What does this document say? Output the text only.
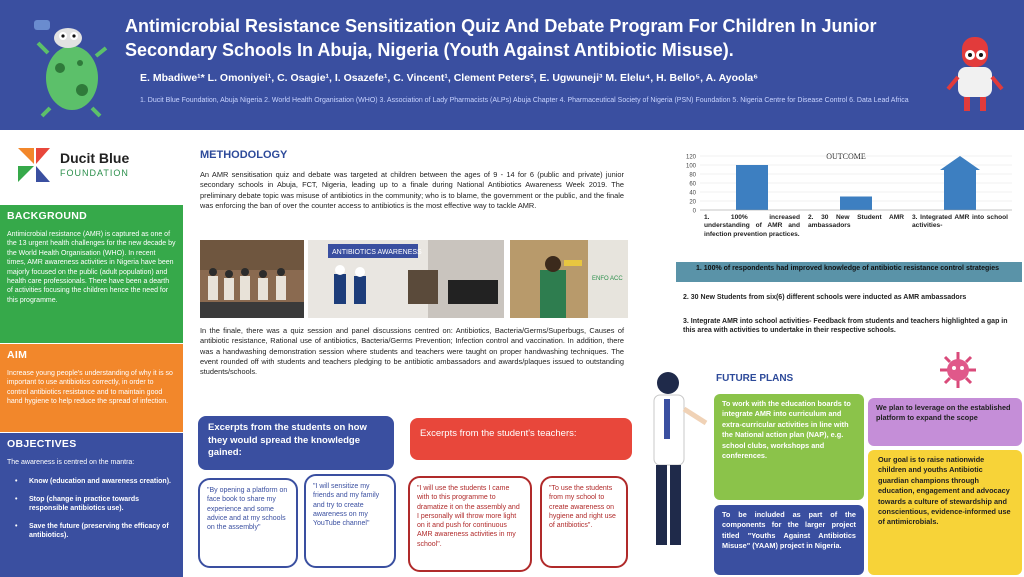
Antimicrobial Resistance Sensitization Quiz And Debate Program For Children In Junior Secondary Schools In Abuja, Nigeria (Youth Against Antibiotic Misuse).
E. Mbadiwe¹* L. Omoniyei¹, C. Osagie¹, I. Osazefe¹, C. Vincent¹, Clement Peters², E. Ugwuneji³ M. Elelu⁴, H. Bello⁵, A. Ayoola⁶
1. Ducit Blue Foundation, Abuja Nigeria 2. World Health Organisation (WHO) 3. Association of Lady Pharmacists (ALPs) Abuja Chapter 4. Pharmaceutical Society of Nigeria (PSN) Foundation 5. Nigeria Centre for Disease Control 6. Data Lead Africa
Ducit Blue
FOUNDATION
BACKGROUND
Antimicrobial resistance (AMR) is captured as one of the 13 urgent health challenges for the new decade by the World Health Organisation (WHO). In recent times, AMR awareness activities in Nigeria have been majorly focused on the public (adult population) and health care professionals. There have been a dearth of activities focusing the children hence the need for this programme.
AIM
Increase young people's understanding of why it is so important to use antibiotics correctly, in order to control antibiotics resistance and to maintain good hand hygiene to help reduce the spread of infection.
OBJECTIVES
The awareness is centred on the mantra:
• Know (education and awareness creation).
• Stop (change in practice towards responsible antibiotics use).
• Save the future (preserving the efficacy of antibiotics).
METHODOLOGY
An AMR sensitisation quiz and debate was targeted at children between the ages of 9 - 14 for 6 (public and private) junior secondary schools in Abuja, FCT, Nigeria, leading up to a finale during National Antibiotics Awareness Week 2019. The preliminary debate topic was misuse of antibiotics in the community; who is to blame, the government or the public, and the finale was enforcing the ban of over the counter access to antibiotics is the most effective way to tackle AMR.
ANTIBIOTICS AWARENESS
ENFO ACC
In the finale, there was a quiz session and panel discussions centred on: Antibiotics, Bacteria/Germs/Superbugs, Causes of antibiotic resistance, Rational use of antibiotics, Bacteria/Germs Prevention; Infection control and vaccination. In addition, there was a handwashing demonstration session where students and teachers were taught on proper handwashing techniques. The event rounded off with students and teachers pledging to be antibiotic ambassadors and awards/plaques issued to outstanding students/schools.
Excerpts from the students on how they would spread the knowledge gained:
Excerpts from the student's teachers:
"By opening a platform on face book to share my experience and some advice and at my schools on the assembly"
"I will sensitize my friends and my family and try to create awareness on my YouTube channel"
"I will use the students I came with to this programme to dramatize it on the assembly and I personally will throw more light on it and push for continuous AMR awareness activities in my school".
"To use the students from my school to create awareness on hygiene and right use of antibiotics".
OUTCOME
0
20
40
60
80
100
120
1. 100% increased understanding of AMR and infection prevention practices.
2. 30 New Student AMR ambassadors
3. Integrated AMR into school activities-
1. 100% of respondents had improved knowledge of antibiotic resistance control strategies
2. 30 New Students from six(6) different schools were inducted as AMR ambassadors
3. Integrate AMR into school activities- Feedback from students and teachers highlighted a gap in this area with activities to undertake in their respective schools.
FUTURE PLANS
To work with the education boards to integrate AMR into curriculum and extra-curricular activities in line with the National action plan (NAP), e.g. school clubs, workshops and conferences.
To be included as part of the components for the larger project titled "Youths Against Antibiotics Misuse" (YAAM) project in Nigeria.
We plan to leverage on the established platform to expand the scope
Our goal is to raise nationwide children and youths Antibiotic guardian champions through education, engagement and advocacy towards a culture of stewardship and conscientious, evidence-informed use of antimicrobials.
